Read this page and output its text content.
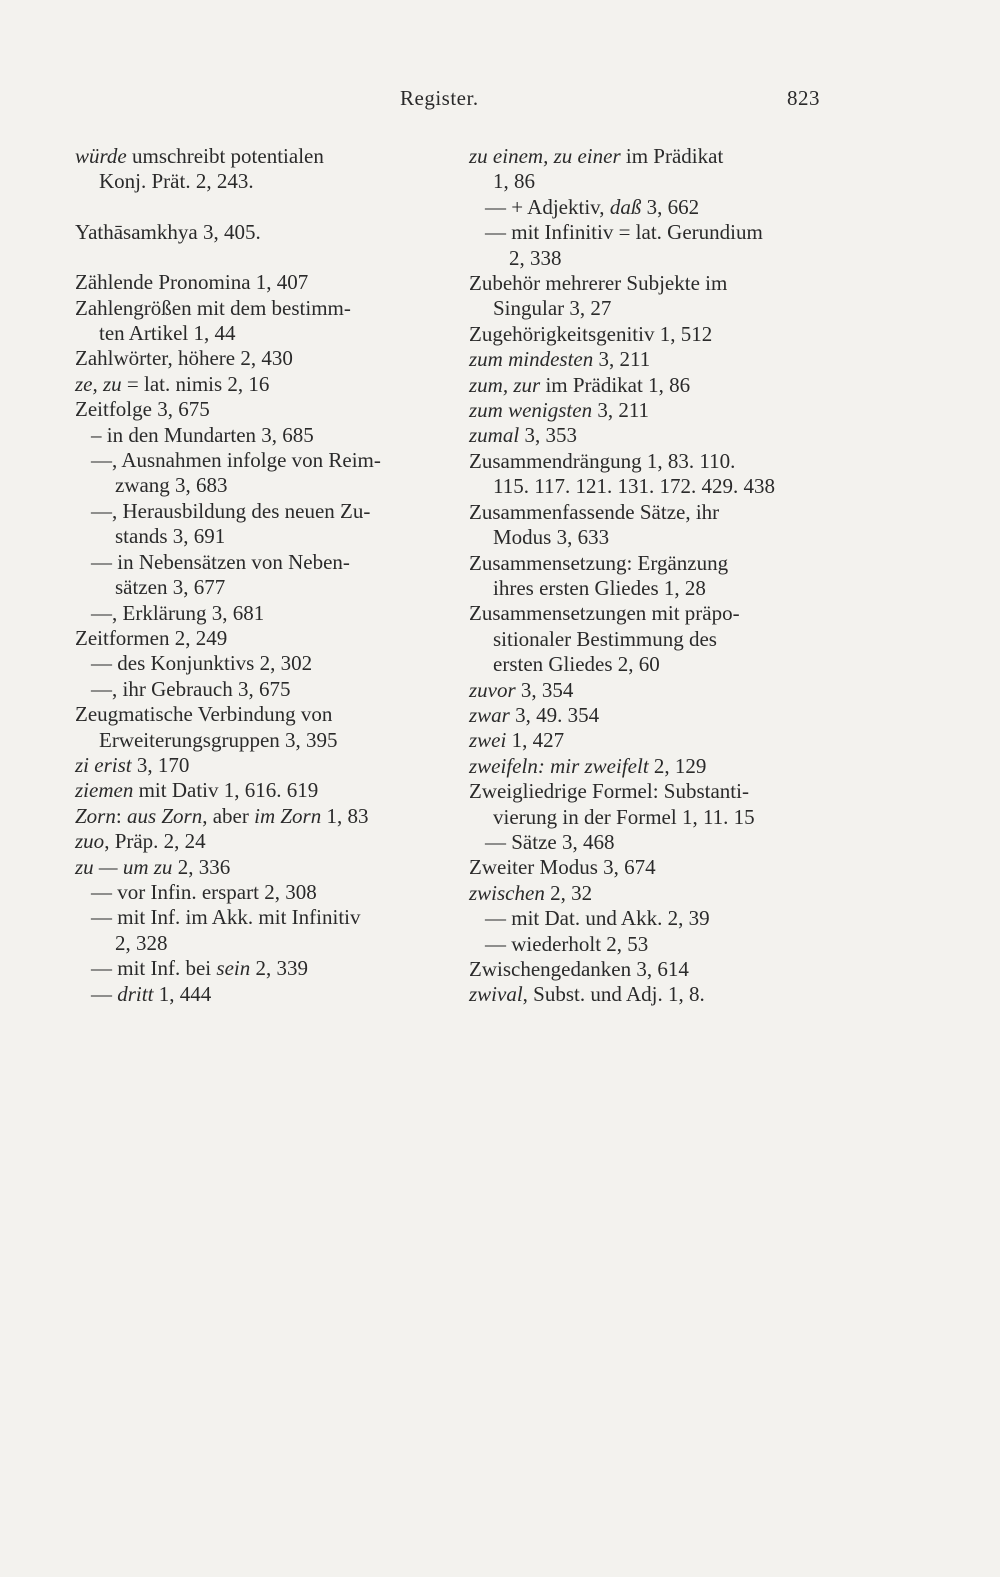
Register.	823
würde umschreibt potentialen
Konj. Prät. 2, 243.
Yathāsamkhya 3, 405.
Zählende Pronomina 1, 407
Zahlengrößen mit dem bestimm-
ten Artikel 1, 44
Zahlwörter, höhere 2, 430
ze, zu = lat. nimis 2, 16
Zeitfolge 3, 675
– in den Mundarten 3, 685
—, Ausnahmen infolge von Reim-
zwang 3, 683
—, Herausbildung des neuen Zu-
stands 3, 691
— in Nebensätzen von Neben-
sätzen 3, 677
—, Erklärung 3, 681
Zeitformen 2, 249
— des Konjunktivs 2, 302
—, ihr Gebrauch 3, 675
Zeugmatische Verbindung von
Erweiterungsgruppen 3, 395
zi erist 3, 170
ziemen mit Dativ 1, 616. 619
Zorn: aus Zorn, aber im Zorn 1, 83
zuo, Präp. 2, 24
zu — um zu 2, 336
— vor Infin. erspart 2, 308
— mit Inf. im Akk. mit Infinitiv
2, 328
— mit Inf. bei sein 2, 339
— dritt 1, 444
zu einem, zu einer im Prädikat
1, 86
— + Adjektiv, daß 3, 662
— mit Infinitiv = lat. Gerundium
2, 338
Zubehör mehrerer Subjekte im
Singular 3, 27
Zugehörigkeitsgenitiv 1, 512
zum mindesten 3, 211
zum, zur im Prädikat 1, 86
zum wenigsten 3, 211
zumal 3, 353
Zusammendrängung 1, 83. 110.
115. 117. 121. 131. 172. 429. 438
Zusammenfassende Sätze, ihr
Modus 3, 633
Zusammensetzung: Ergänzung
ihres ersten Gliedes 1, 28
Zusammensetzungen mit präpo-
sitionaler Bestimmung des
ersten Gliedes 2, 60
zuvor 3, 354
zwar 3, 49. 354
zwei 1, 427
zweifeln: mir zweifelt 2, 129
Zweigliedrige Formel: Substanti-
vierung in der Formel 1, 11. 15
— Sätze 3, 468
Zweiter Modus 3, 674
zwischen 2, 32
— mit Dat. und Akk. 2, 39
— wiederholt 2, 53
Zwischengedanken 3, 614
zwival, Subst. und Adj. 1, 8.
